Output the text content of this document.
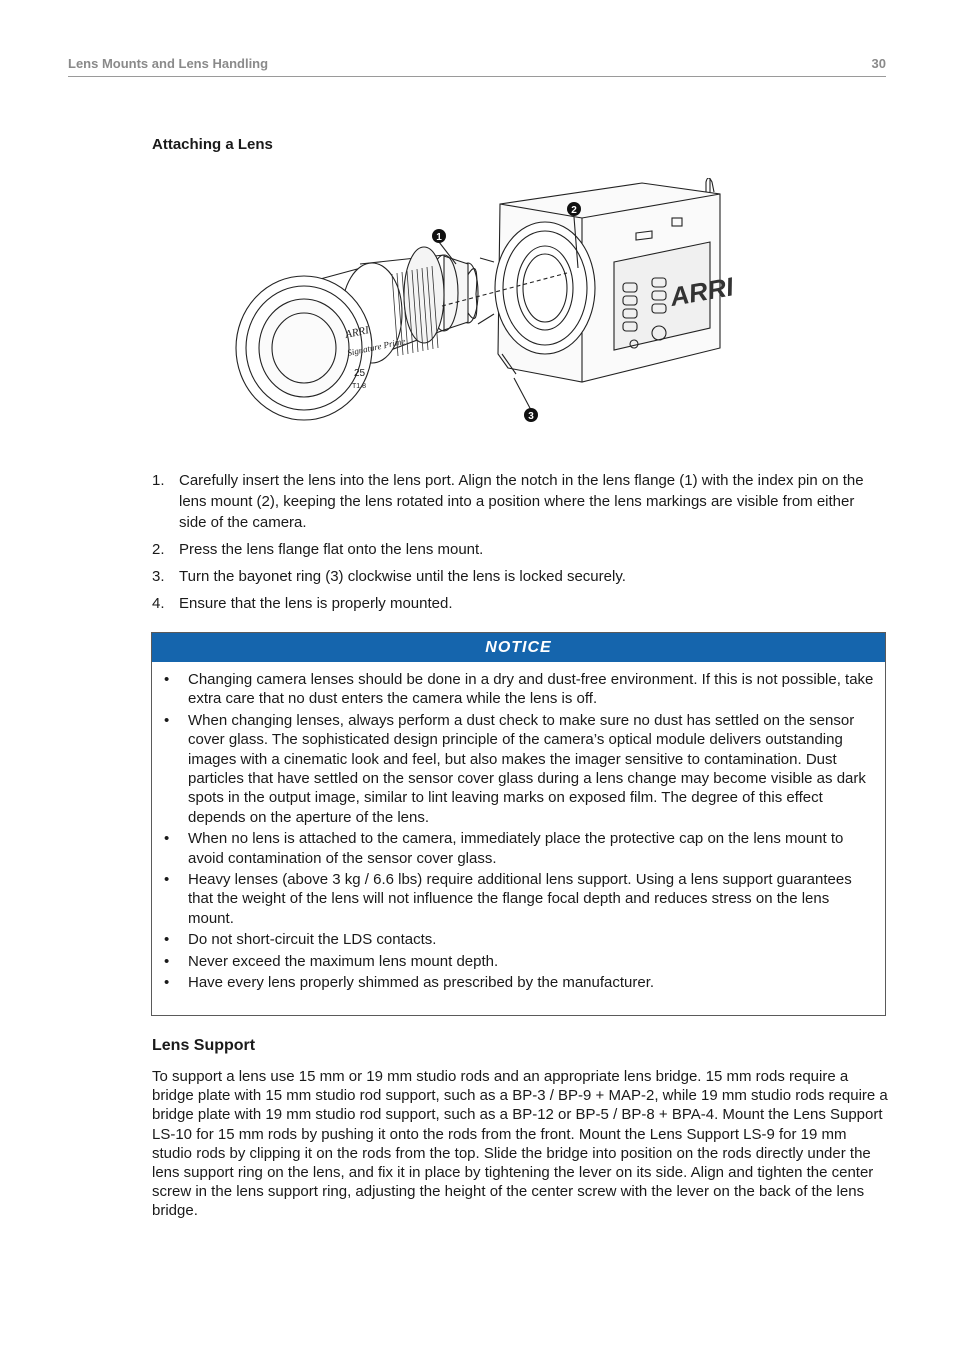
Lens Mounts and Lens Handling	30
Attaching a Lens
ARRI
Signature Prime
25
T1.8
ARRI
1
2
3
1. Carefully insert the lens into the lens port. Align the notch in the lens flange (1) with the index pin on the lens mount (2), keeping the lens rotated into a position where the lens markings are visible from either side of the camera.
2. Press the lens flange flat onto the lens mount.
3. Turn the bayonet ring (3) clockwise until the lens is locked securely.
4. Ensure that the lens is properly mounted.
NOTICE
• Changing camera lenses should be done in a dry and dust-free environment. If this is not possible, take extra care that no dust enters the camera while the lens is off.
• When changing lenses, always perform a dust check to make sure no dust has settled on the sensor cover glass. The sophisticated design principle of the camera’s optical module delivers outstanding images with a cinematic look and feel, but also makes the imager sensitive to contamination. Dust particles that have settled on the sensor cover glass during a lens change may become visible as dark spots in the output image, similar to lint leaving marks on exposed film. The degree of this effect depends on the aperture of the lens.
• When no lens is attached to the camera, immediately place the protective cap on the lens mount to avoid contamination of the sensor cover glass.
• Heavy lenses (above 3 kg / 6.6 lbs) require additional lens support. Using a lens support guarantees that the weight of the lens will not influence the flange focal depth and reduces stress on the lens mount.
• Do not short-circuit the LDS contacts.
• Never exceed the maximum lens mount depth.
• Have every lens properly shimmed as prescribed by the manufacturer.
Lens Support

To support a lens use 15 mm or 19 mm studio rods and an appropriate lens bridge. 15 mm rods require a bridge plate with 15 mm studio rod support, such as a BP-3 / BP-9 + MAP-2, while 19 mm studio rods require a bridge plate with 19 mm studio rod support, such as a BP-12 or BP-5 / BP-8 + BPA-4. Mount the Lens Support LS-10 for 15 mm rods by pushing it onto the rods from the front. Mount the Lens Support LS-9 for 19 mm studio rods by clipping it on the rods from the top. Slide the bridge into position on the rods directly under the lens support ring on the lens, and fix it in place by tightening the lever on its side. Align and tighten the center screw in the lens support ring, adjusting the height of the center screw with the lever on the back of the lens bridge.
